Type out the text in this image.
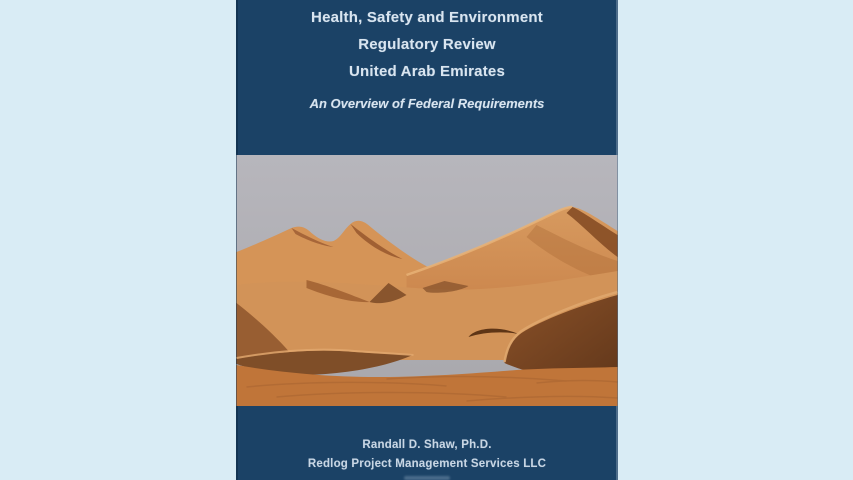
Health, Safety and Environment
Regulatory Review
United Arab Emirates
An Overview of Federal Requirements
Randall D. Shaw, Ph.D.
Redlog Project Management Services LLC
